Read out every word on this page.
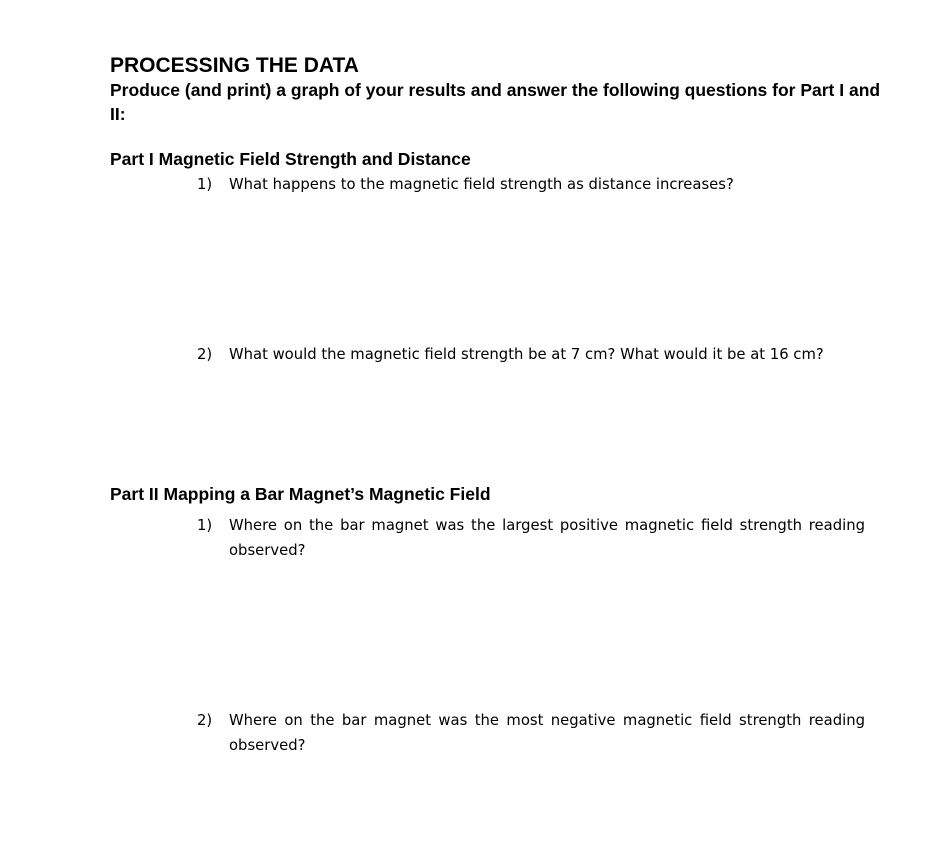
PROCESSING THE DATA

Produce (and print) a graph of your results and answer the following questions for Part I and II:

Part I Magnetic Field Strength and Distance
1)	What happens to the magnetic field strength as distance increases?
2)	What would the magnetic field strength be at 7 cm? What would it be at 16 cm?
Part II Mapping a Bar Magnet’s Magnetic Field
1)	Where on the bar magnet was the largest positive magnetic field strength reading observed?
2)	Where on the bar magnet was the most negative magnetic field strength reading observed?
